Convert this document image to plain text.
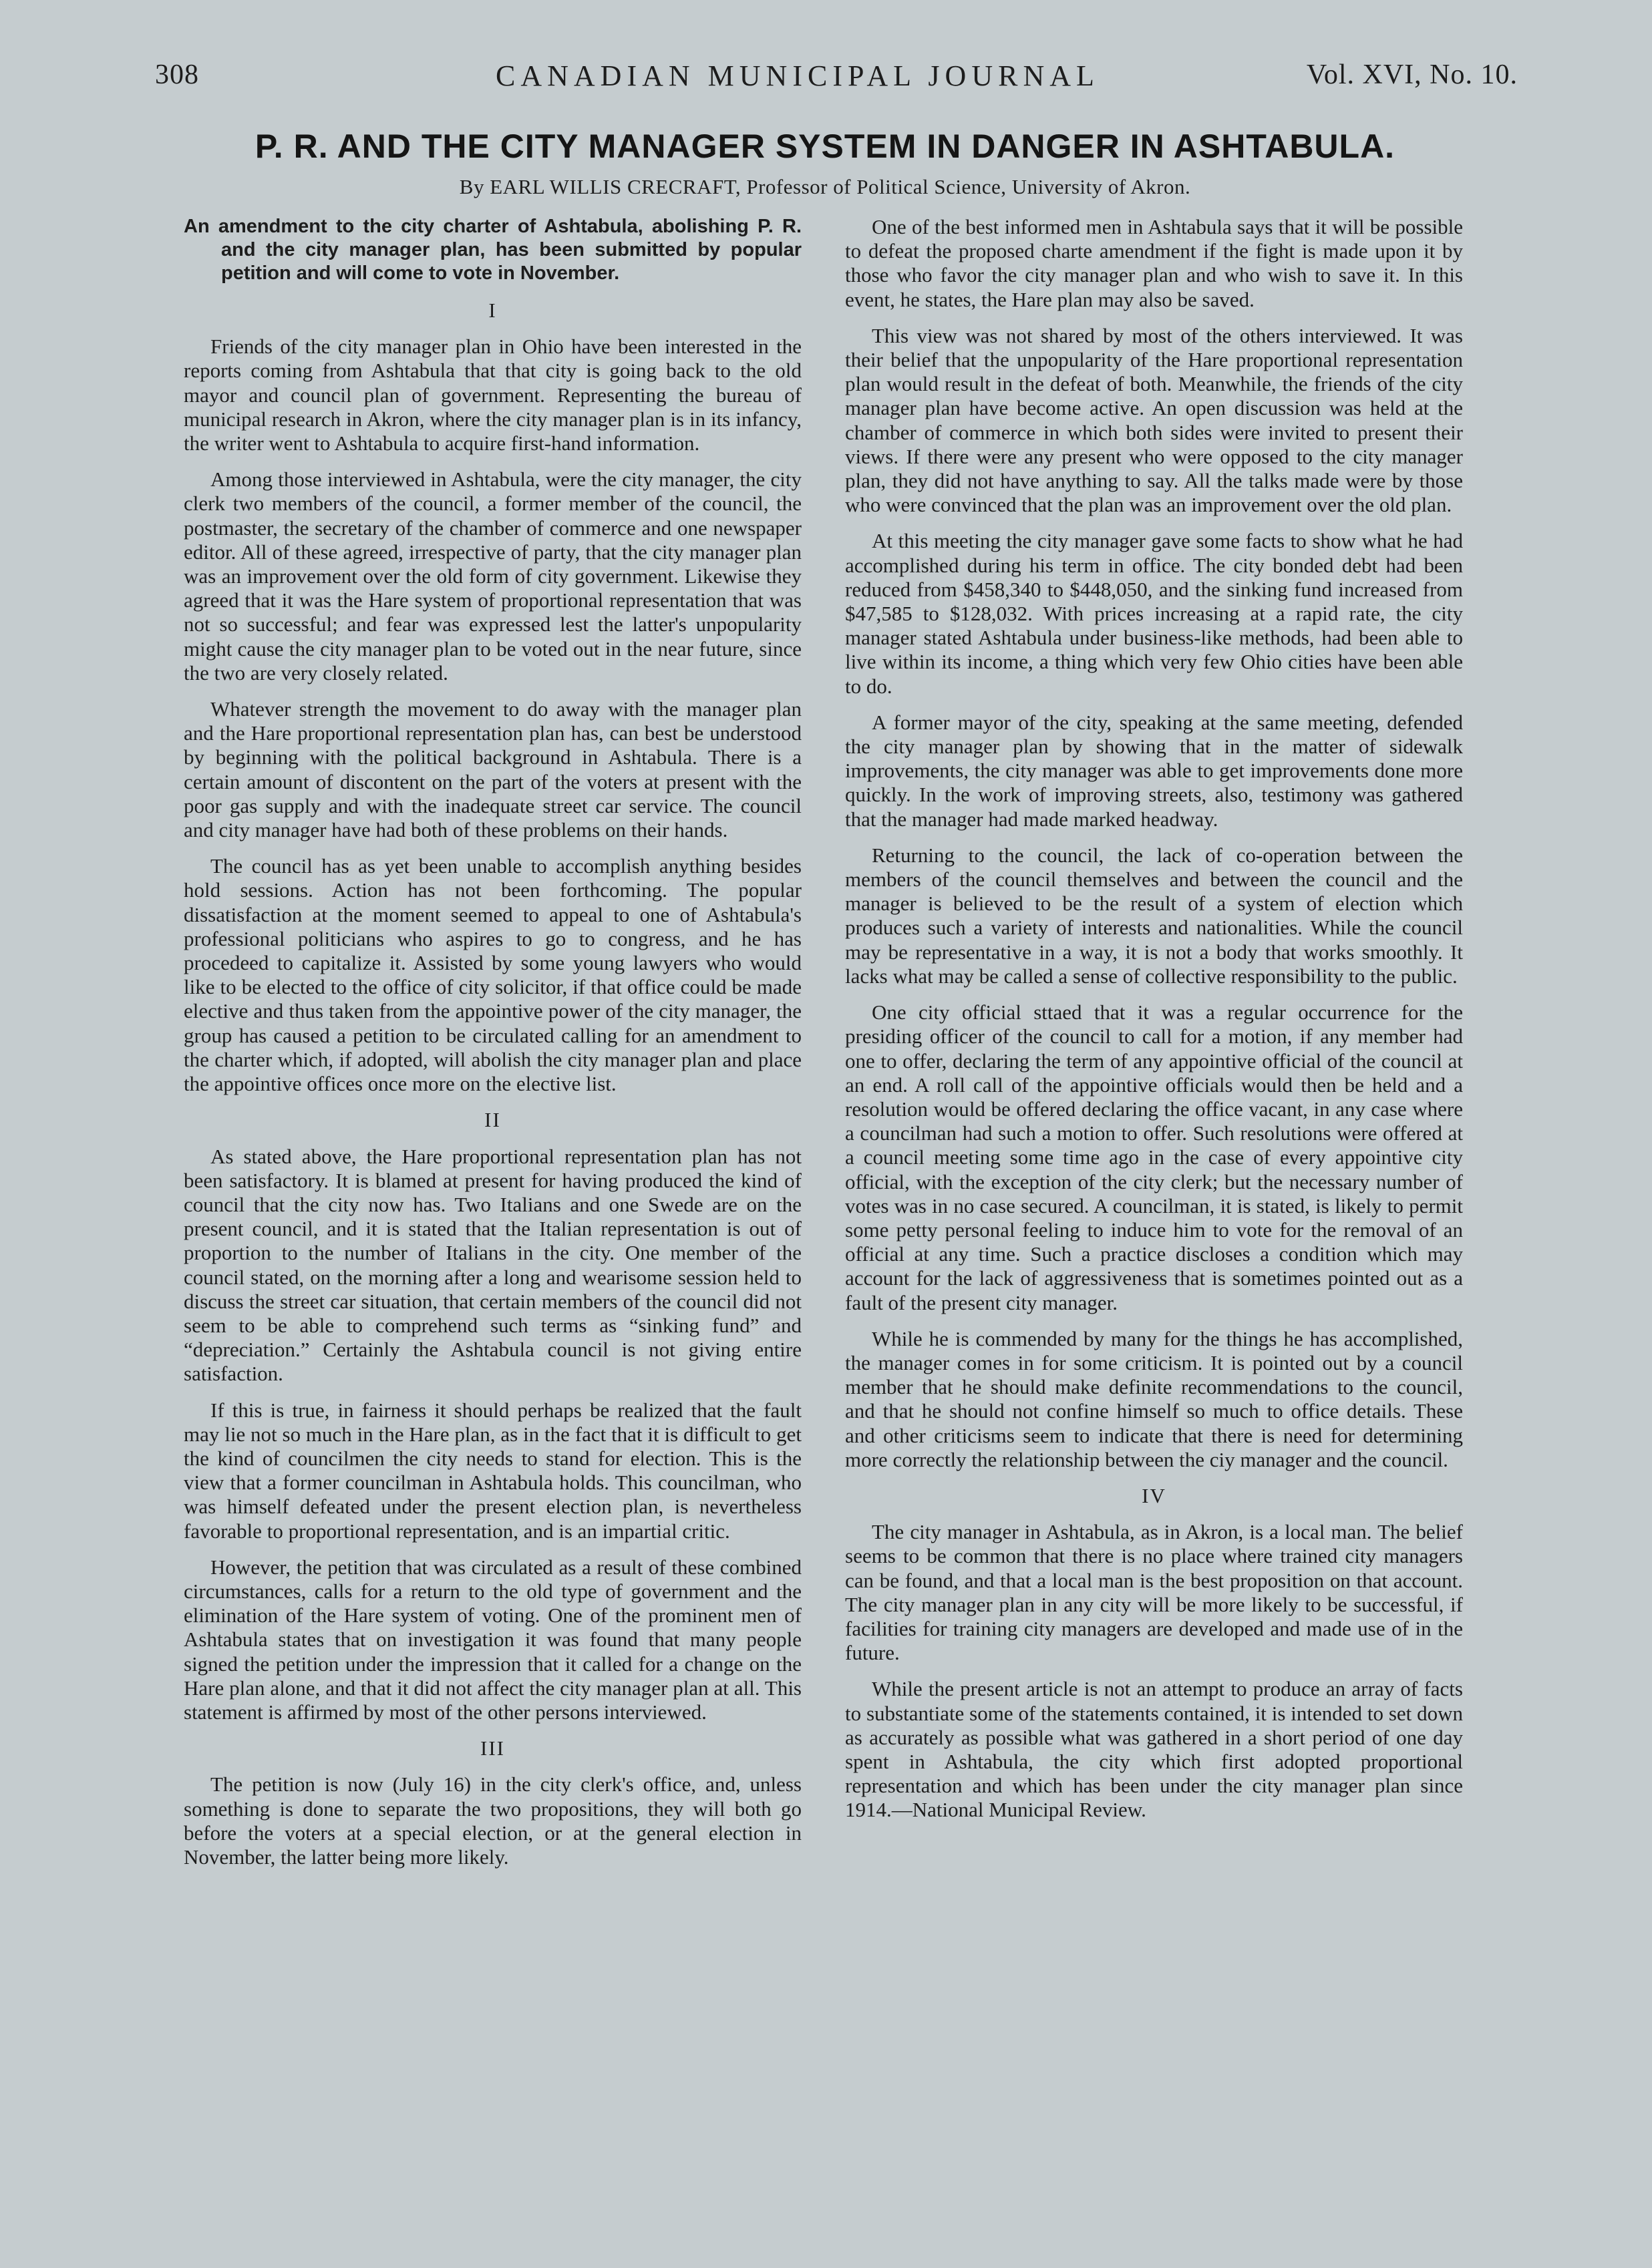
308	CANADIAN MUNICIPAL JOURNAL	Vol. XVI, No. 10.
P. R. AND THE CITY MANAGER SYSTEM IN DANGER IN ASHTABULA.
By EARL WILLIS CRECRAFT, Professor of Political Science, University of Akron.
An amendment to the city charter of Ashtabula, abolishing P. R. and the city manager plan, has been submitted by popular petition and will come to vote in November.
I

Friends of the city manager plan in Ohio have been interested in the reports coming from Ashtabula that that city is going back to the old mayor and council plan of government. Representing the bureau of municipal research in Akron, where the city manager plan is in its infancy, the writer went to Ashtabula to acquire first-hand information.

Among those interviewed in Ashtabula, were the city manager, the city clerk two members of the council, a former member of the council, the postmaster, the secretary of the chamber of commerce and one newspaper editor. All of these agreed, irrespective of party, that the city manager plan was an improvement over the old form of city government. Likewise they agreed that it was the Hare system of proportional representation that was not so successful; and fear was expressed lest the latter's unpopularity might cause the city manager plan to be voted out in the near future, since the two are very closely related.

Whatever strength the movement to do away with the manager plan and the Hare proportional representation plan has, can best be understood by beginning with the political background in Ashtabula. There is a certain amount of discontent on the part of the voters at present with the poor gas supply and with the inadequate street car service. The council and city manager have had both of these problems on their hands.

The council has as yet been unable to accomplish anything besides hold sessions. Action has not been forthcoming. The popular dissatisfaction at the moment seemed to appeal to one of Ashtabula's professional politicians who aspires to go to congress, and he has procedeed to capitalize it. Assisted by some young lawyers who would like to be elected to the office of city solicitor, if that office could be made elective and thus taken from the appointive power of the city manager, the group has caused a petition to be circulated calling for an amendment to the charter which, if adopted, will abolish the city manager plan and place the appointive offices once more on the elective list.

II

As stated above, the Hare proportional representation plan has not been satisfactory. It is blamed at present for having produced the kind of council that the city now has. Two Italians and one Swede are on the present council, and it is stated that the Italian representation is out of proportion to the number of Italians in the city. One member of the council stated, on the morning after a long and wearisome session held to discuss the street car situation, that certain members of the council did not seem to be able to comprehend such terms as “sinking fund” and “depreciation.” Certainly the Ashtabula council is not giving entire satisfaction.

If this is true, in fairness it should perhaps be realized that the fault may lie not so much in the Hare plan, as in the fact that it is difficult to get the kind of councilmen the city needs to stand for election. This is the view that a former councilman in Ashtabula holds. This councilman, who was himself defeated under the present election plan, is nevertheless favorable to proportional representation, and is an impartial critic.

However, the petition that was circulated as a result of these combined circumstances, calls for a return to the old type of government and the elimination of the Hare system of voting. One of the prominent men of Ashtabula states that on investigation it was found that many people signed the petition under the impression that it called for a change on the Hare plan alone, and that it did not affect the city manager plan at all. This statement is affirmed by most of the other persons interviewed.

III

The petition is now (July 16) in the city clerk's office, and, unless something is done to separate the two propositions, they will both go before the voters at a special election, or at the general election in November, the latter being more likely.

One of the best informed men in Ashtabula says that it will be possible to defeat the proposed charte amendment if the fight is made upon it by those who favor the city manager plan and who wish to save it. In this event, he states, the Hare plan may also be saved.

This view was not shared by most of the others interviewed. It was their belief that the unpopularity of the Hare proportional representation plan would result in the defeat of both. Meanwhile, the friends of the city manager plan have become active. An open discussion was held at the chamber of commerce in which both sides were invited to present their views. If there were any present who were opposed to the city manager plan, they did not have anything to say. All the talks made were by those who were convinced that the plan was an improvement over the old plan.

At this meeting the city manager gave some facts to show what he had accomplished during his term in office. The city bonded debt had been reduced from $458,340 to $448,050, and the sinking fund increased from $47,585 to $128,032. With prices increasing at a rapid rate, the city manager stated Ashtabula under business-like methods, had been able to live within its income, a thing which very few Ohio cities have been able to do.

A former mayor of the city, speaking at the same meeting, defended the city manager plan by showing that in the matter of sidewalk improvements, the city manager was able to get improvements done more quickly. In the work of improving streets, also, testimony was gathered that the manager had made marked headway.

Returning to the council, the lack of co-operation between the members of the council themselves and between the council and the manager is believed to be the result of a system of election which produces such a variety of interests and nationalities. While the council may be representative in a way, it is not a body that works smoothly. It lacks what may be called a sense of collective responsibility to the public.

One city official sttaed that it was a regular occurrence for the presiding officer of the council to call for a motion, if any member had one to offer, declaring the term of any appointive official of the council at an end. A roll call of the appointive officials would then be held and a resolution would be offered declaring the office vacant, in any case where a councilman had such a motion to offer. Such resolutions were offered at a council meeting some time ago in the case of every appointive city official, with the exception of the city clerk; but the necessary number of votes was in no case secured. A councilman, it is stated, is likely to permit some petty personal feeling to induce him to vote for the removal of an official at any time. Such a practice discloses a condition which may account for the lack of aggressiveness that is sometimes pointed out as a fault of the present city manager.

While he is commended by many for the things he has accomplished, the manager comes in for some criticism. It is pointed out by a council member that he should make definite recommendations to the council, and that he should not confine himself so much to office details. These and other criticisms seem to indicate that there is need for determining more correctly the relationship between the ciy manager and the council.

IV

The city manager in Ashtabula, as in Akron, is a local man. The belief seems to be common that there is no place where trained city managers can be found, and that a local man is the best proposition on that account. The city manager plan in any city will be more likely to be successful, if facilities for training city managers are developed and made use of in the future.

While the present article is not an attempt to produce an array of facts to substantiate some of the statements contained, it is intended to set down as accurately as possible what was gathered in a short period of one day spent in Ashtabula, the city which first adopted proportional representation and which has been under the city manager plan since 1914.—National Municipal Review.
